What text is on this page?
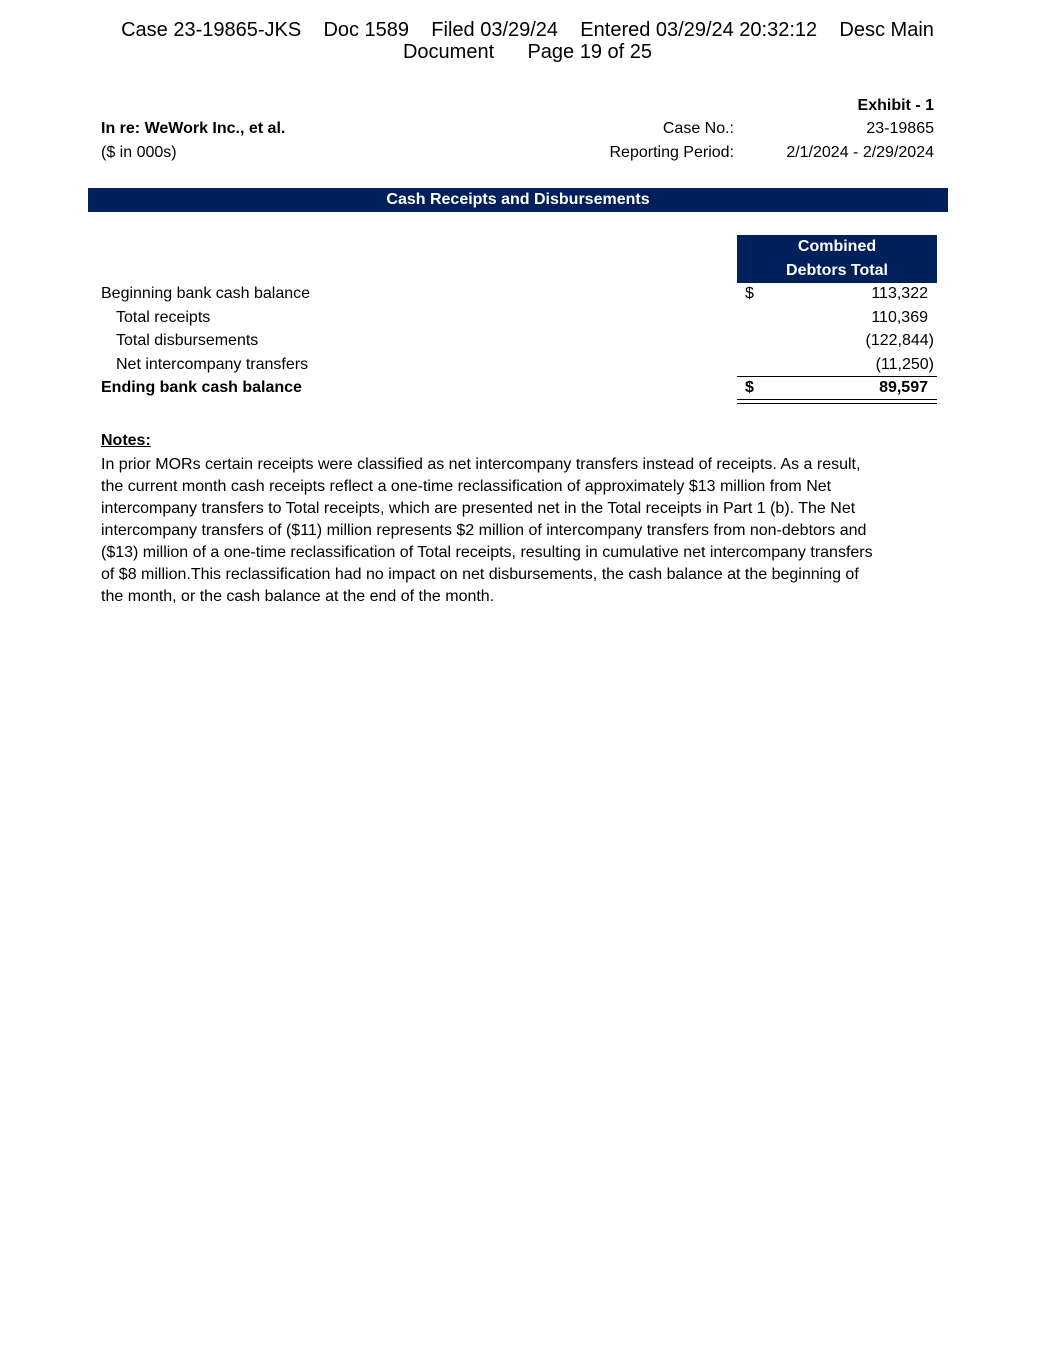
Case 23-19865-JKS Doc 1589 Filed 03/29/24 Entered 03/29/24 20:32:12 Desc Main
Document Page 19 of 25
Exhibit - 1
In re: WeWork Inc., et al.	Case No.:	23-19865
($ in 000s)	Reporting Period:	2/1/2024 - 2/29/2024
Cash Receipts and Disbursements
Combined
Debtors Total
Beginning bank cash balance	$	113,322
Total receipts	110,369
Total disbursements	(122,844)
Net intercompany transfers	(11,250)
Ending bank cash balance	$	89,597
Notes:
In prior MORs certain receipts were classified as net intercompany transfers instead of receipts. As a result,
the current month cash receipts reflect a one-time reclassification of approximately $13 million from Net
intercompany transfers to Total receipts, which are presented net in the Total receipts in Part 1 (b). The Net
intercompany transfers of ($11) million represents $2 million of intercompany transfers from non-debtors and
($13) million of a one-time reclassification of Total receipts, resulting in cumulative net intercompany transfers
of $8 million.This reclassification had no impact on net disbursements, the cash balance at the beginning of
the month, or the cash balance at the end of the month.
